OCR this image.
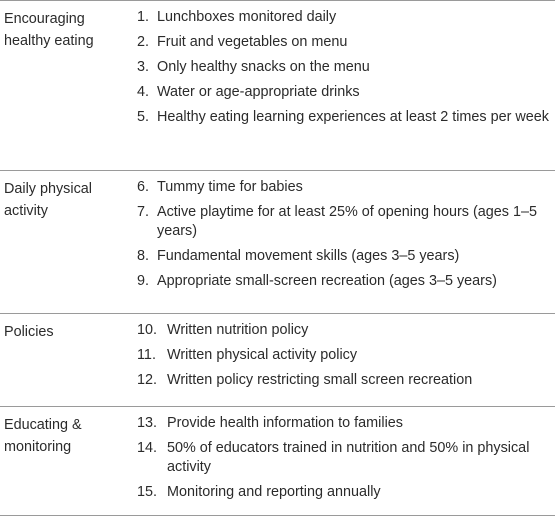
Encouraging healthy eating
1. Lunchboxes monitored daily
2. Fruit and vegetables on menu
3. Only healthy snacks on the menu
4. Water or age-appropriate drinks
5. Healthy eating learning experiences at least 2 times per week
Daily physical activity
6. Tummy time for babies
7. Active playtime for at least 25% of opening hours (ages 1–5 years)
8. Fundamental movement skills (ages 3–5 years)
9. Appropriate small-screen recreation (ages 3–5 years)
Policies	10. Written nutrition policy
11. Written physical activity policy
12. Written policy restricting small screen recreation
Educating & monitoring
13. Provide health information to families
14. 50% of educators trained in nutrition and 50% in physical activity
15. Monitoring and reporting annually
